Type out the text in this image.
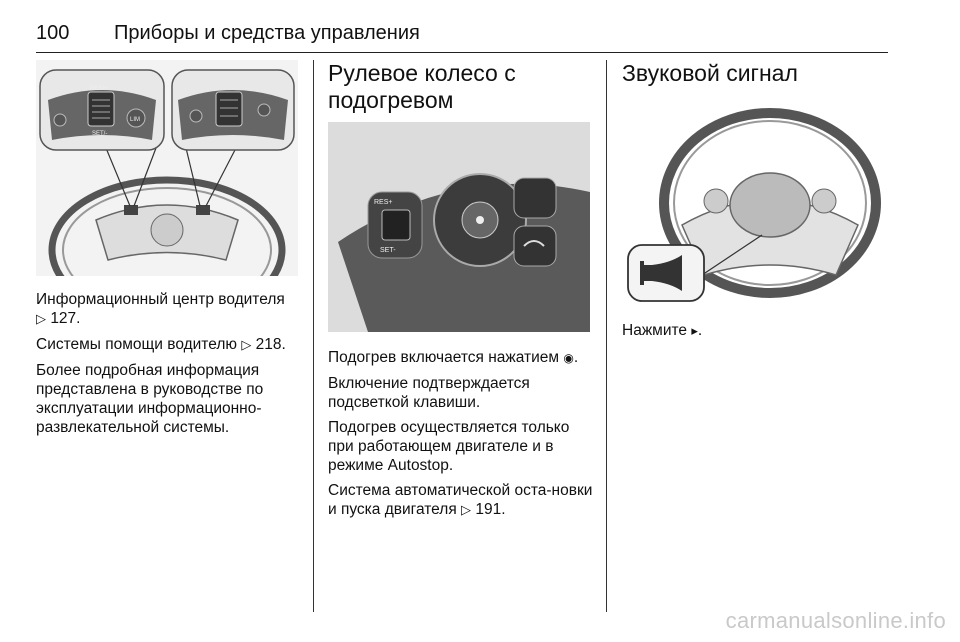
100 Приборы и средства управления
RES/+
SET/-
LIM

Информационный центр водителя
▷ 127.

Системы помощи водителю ▷ 218.

Более подробная информация представлена в руководстве по эксплуатации информационно-развлекательной системы.

Рулевое колесо с подогревом
RES+
SET-

Подогрев включается нажатием ◉.

Включение подтверждается подсветкой клавиши.

Подогрев осуществляется только при работающем двигателе и в режиме Autostop.

Система автоматической оста-новки и пуска двигателя ▷ 191.

Звуковой сигнал

Нажмите ▸.

carmanualsonline.info
